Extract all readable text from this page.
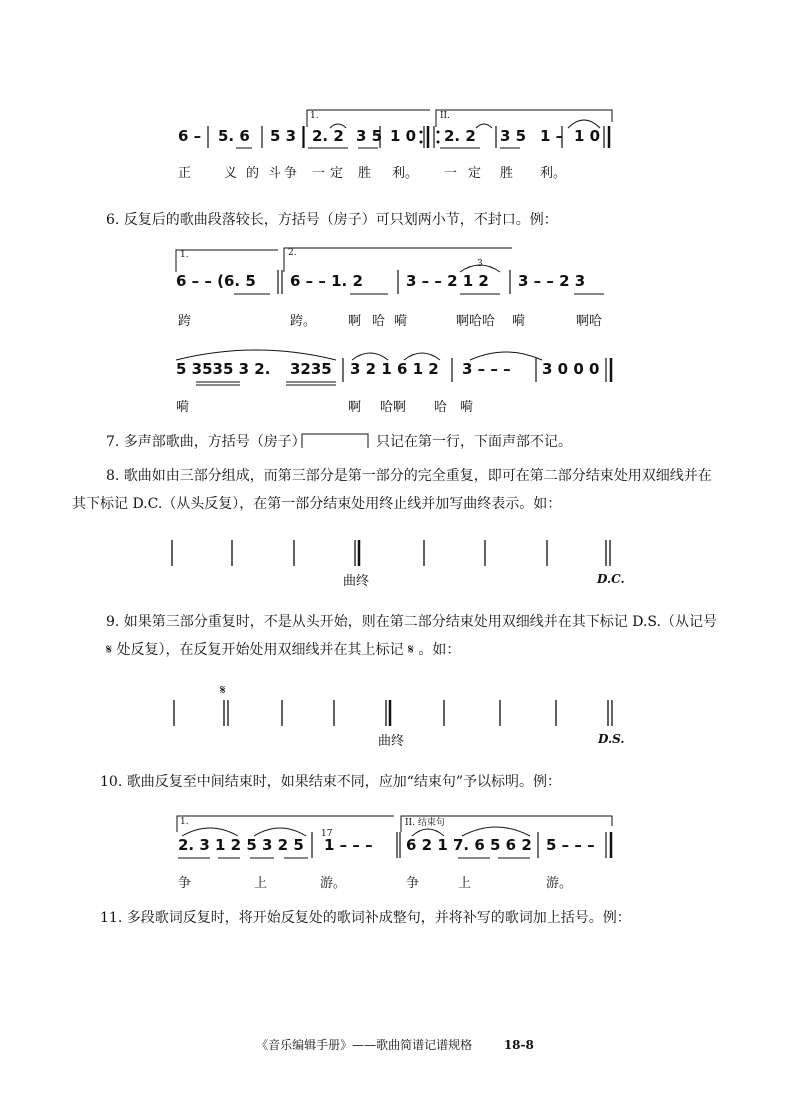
6 – 5. 6 5 3 2. 2 3 5 1 0 2. 2 3 5 1 – 1 0
1.	II.
正	义 的 斗 争 一 定 胜 利。 一 定 胜 利。
6. 反复后的歌曲段落较长，方括号（房子）可只划两小节，不封口。例：
1.	2.
3
6 – – (6. 5 6 – – 1. 2	3 – – 2 1 2 3 – – 2 3
跨	跨。 啊 哈 嗬	啊哈哈 嗬	啊哈
5 3535 3 2. 3235 3 2 1 6 1 2 3 – – – 3 0 0 0
嗬	啊 哈啊 哈 嗬
7. 多声部歌曲，方括号（房子）	只记在第一行，下面声部不记。
8. 歌曲如由三部分组成，而第三部分是第一部分的完全重复，即可在第二部分结束处用双细线并在
其下标记 D.C.（从头反复），在第一部分结束处用终止线并加写曲终表示。如：
曲终	D.C.
9. 如果第三部分重复时，不是从头开始，则在第二部分结束处用双细线并在其下标记 D.S.（从记号
𝄋 处反复），在反复开始处用双细线并在其上标记 𝄋 。如：
𝄋
曲终	D.S.
10. 歌曲反复至中间结束时，如果结束不同，应加“结束句”予以标明。例：
1.	II. 结束句
2. 3 1 2 5 3 2 5
17
1 – – – 6 2 1 7. 6 5 6 2 5 – – –
争	上	游。	争	上	游。
11. 多段歌词反复时，将开始反复处的歌词补成整句，并将补写的歌词加上括号。例：
《音乐编辑手册》——歌曲简谱记谱规格	18-8
